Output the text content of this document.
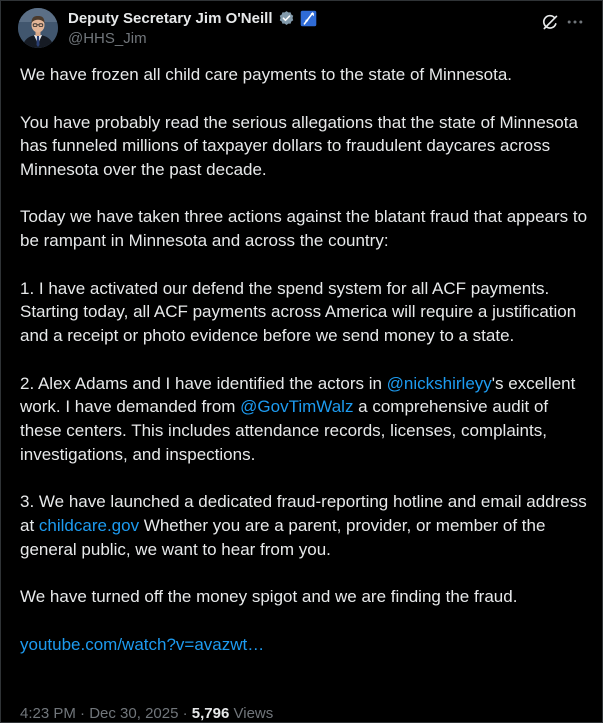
Deputy Secretary Jim O'Neill
@HHS_Jim

We have frozen all child care payments to the state of Minnesota.

You have probably read the serious allegations that the state of Minnesota has funneled millions of taxpayer dollars to fraudulent daycares across Minnesota over the past decade.

Today we have taken three actions against the blatant fraud that appears to be rampant in Minnesota and across the country:

1. I have activated our defend the spend system for all ACF payments. Starting today, all ACF payments across America will require a justification and a receipt or photo evidence before we send money to a state.

2. Alex Adams and I have identified the actors in @nickshirleyy's excellent work. I have demanded from @GovTimWalz a comprehensive audit of these centers. This includes attendance records, licenses, complaints, investigations, and inspections.

3. We have launched a dedicated fraud-reporting hotline and email address at childcare.gov Whether you are a parent, provider, or member of the general public, we want to hear from you.

We have turned off the money spigot and we are finding the fraud.

youtube.com/watch?v=avazwt…

4:23 PM · Dec 30, 2025 · 5,796 Views
